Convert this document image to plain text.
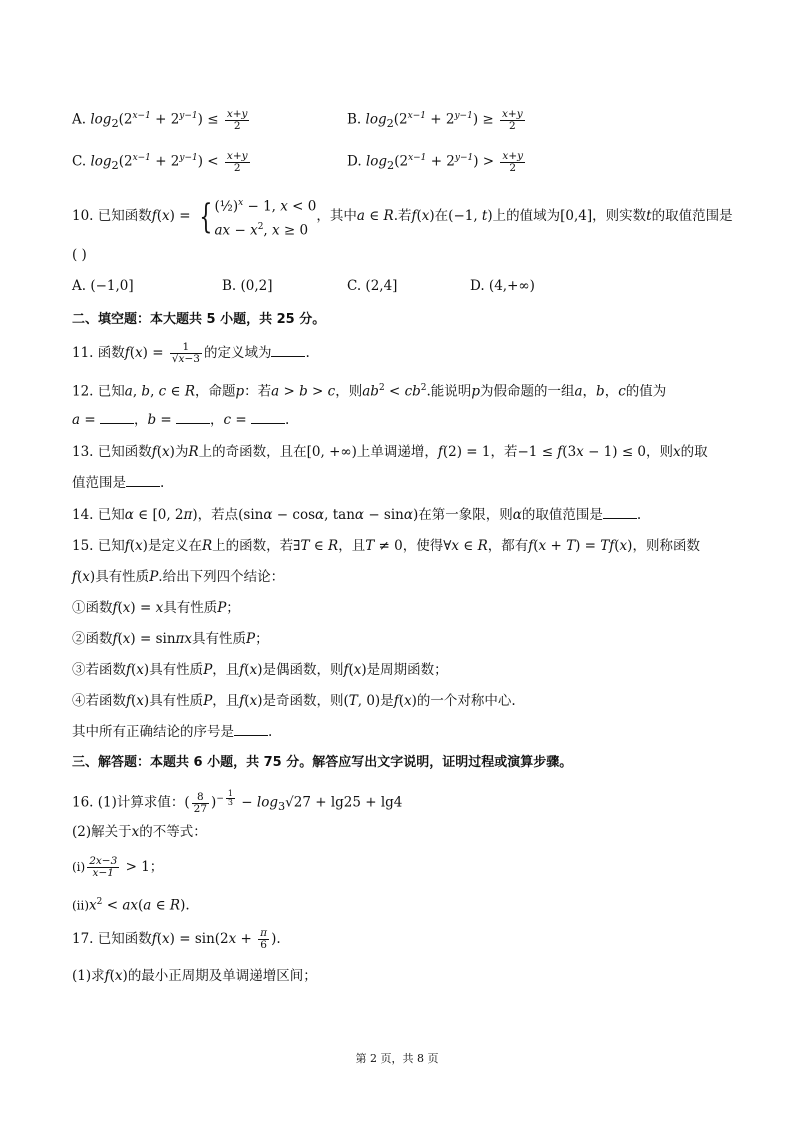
A. $\log_2(2^{x-1} + 2^{y-1}) \le \frac{x+y}{2}$	B. $\log_2(2^{x-1} + 2^{y-1}) \ge \frac{x+y}{2}$
C. $\log_2(2^{x-1} + 2^{y-1}) < \frac{x+y}{2}$	D. $\log_2(2^{x-1} + 2^{y-1}) > \frac{x+y}{2}$
10. 已知函数f(x) = { (½)$^x$ − 1, x < 0
ax − $x^2$, x ≥ 0
，其中a ∈ R.若f(x)在(−1, t)上的值域为[0,4]，则实数t的取值范围是
( )
A. (−1,0]	B. (0,2]	C. (2,4]	D. (4,+∞)
二、填空题：本大题共 5 小题，共 25 分。
11. 函数$f(x) = \frac{1}{√x-3}$ 的定义域为	.
12. 已知a, b, c ∈ R，命题p：若a > b > c，则$ab^2 < cb^2$.能说明p为假命题的一组a，b，c的值为
a =	，b =	，c =	.
13. 已知函数f(x)为R上的奇函数，且在[0, +∞)上单调递增，f(2) = 1，若−1 ≤ f(3x − 1) ≤ 0，则x的取
值范围是	.
14. 已知α ∈ [0, 2π)，若点(sinα − cosα, tanα − sinα)在第一象限，则α的取值范围是	.
15. 已知f(x)是定义在R上的函数，若∃T ∈ R，且T ≠ 0，使得∀x ∈ R，都有f(x + T) = Tf(x)，则称函数
f(x)具有性质P.给出下列四个结论：
①函数f(x) = x具有性质P；
②函数f(x) = sinπx具有性质P；
③若函数f(x)具有性质P，且f(x)是偶函数，则f(x)是周期函数；
④若函数f(x)具有性质P，且f(x)是奇函数，则(T, 0)是f(x)的一个对称中心.
其中所有正确结论的序号是	.
三、解答题：本题共 6 小题，共 75 分。解答应写出文字说明，证明过程或演算步骤。
16. (1)计算求值：( $\frac{8}{27} )^{- \frac{1}{3}} - \log_3√27 + \lg 25 + \lg 4$
(2)解关于x的不等式：
(ⅰ) $\frac{2x-3}{x-1} > 1$；
$(ⅱ)x^2 < ax(a$ ∈ R).
17. 已知函数$f(x) = \sin(2x + \frac{\pi}{6}$ ).
(1)求f(x)的最小正周期及单调递增区间；
第 2 页，共 8 页
